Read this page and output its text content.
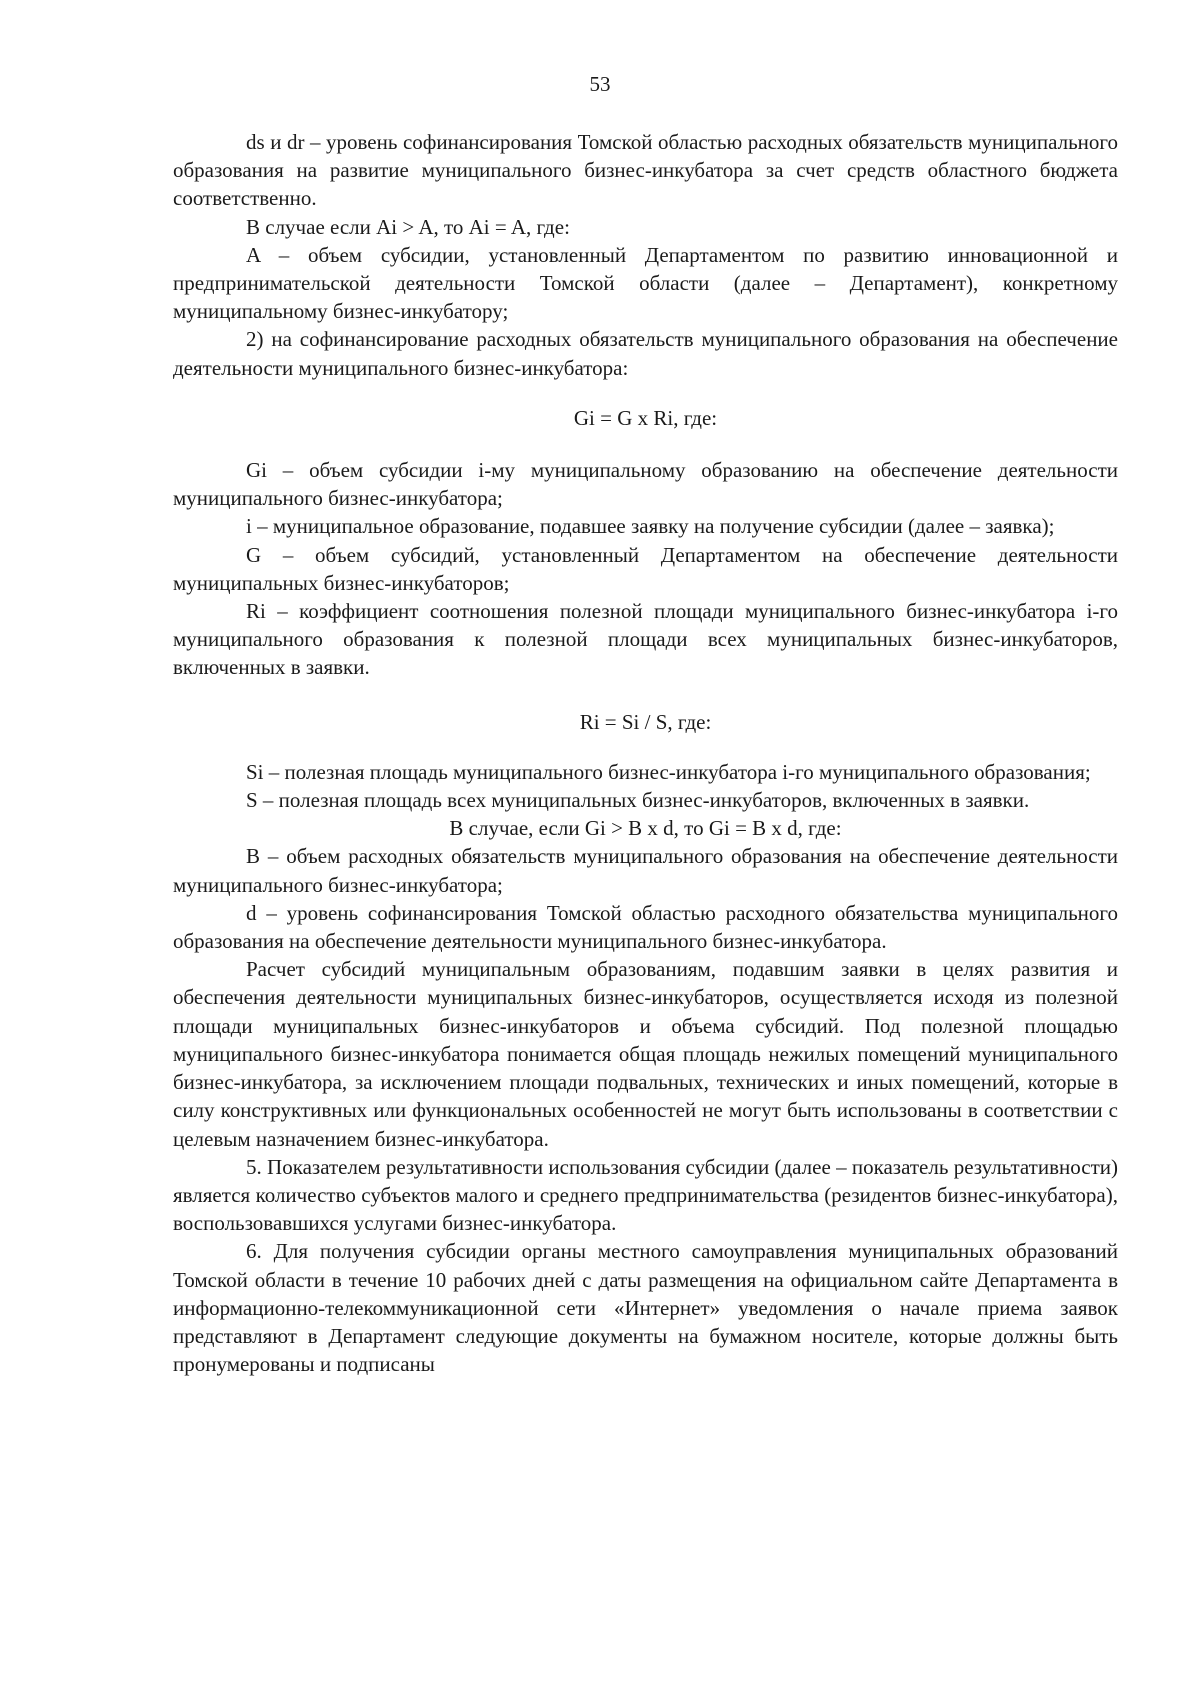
53

ds и dr – уровень софинансирования Томской областью расходных обязательств муниципального образования на развитие муниципального бизнес-инкубатора за счет средств областного бюджета соответственно.

В случае если Ai > A, то Ai = A, где:

A – объем субсидии, установленный Департаментом по развитию инновационной и предпринимательской деятельности Томской области (далее – Департамент), конкретному муниципальному бизнес-инкубатору;

2) на софинансирование расходных обязательств муниципального образования на обеспечение деятельности муниципального бизнес-инкубатора:

Gi = G x Ri, где:

Gi – объем субсидии i-му муниципальному образованию на обеспечение деятельности муниципального бизнес-инкубатора;

i – муниципальное образование, подавшее заявку на получение субсидии (далее – заявка);

G – объем субсидий, установленный Департаментом на обеспечение деятельности муниципальных бизнес-инкубаторов;

Ri – коэффициент соотношения полезной площади муниципального бизнес-инкубатора i-го муниципального образования к полезной площади всех муниципальных бизнес-инкубаторов, включенных в заявки.

Ri = Si / S, где:

Si – полезная площадь муниципального бизнес-инкубатора i-го муниципального образования;

S – полезная площадь всех муниципальных бизнес-инкубаторов, включенных в заявки.

В случае, если Gi > B x d, то Gi = B x d, где:

B – объем расходных обязательств муниципального образования на обеспечение деятельности муниципального бизнес-инкубатора;

d – уровень софинансирования Томской областью расходного обязательства муниципального образования на обеспечение деятельности муниципального бизнес-инкубатора.

Расчет субсидий муниципальным образованиям, подавшим заявки в целях развития и обеспечения деятельности муниципальных бизнес-инкубаторов, осуществляется исходя из полезной площади муниципальных бизнес-инкубаторов и объема субсидий. Под полезной площадью муниципального бизнес-инкубатора понимается общая площадь нежилых помещений муниципального бизнес-инкубатора, за исключением площади подвальных, технических и иных помещений, которые в силу конструктивных или функциональных особенностей не могут быть использованы в соответствии с целевым назначением бизнес-инкубатора.

5. Показателем результативности использования субсидии (далее – показатель результативности) является количество субъектов малого и среднего предпринимательства (резидентов бизнес-инкубатора), воспользовавшихся услугами бизнес-инкубатора.

6. Для получения субсидии органы местного самоуправления муниципальных образований Томской области в течение 10 рабочих дней с даты размещения на официальном сайте Департамента в информационно-телекоммуникационной сети «Интернет» уведомления о начале приема заявок представляют в Департамент следующие документы на бумажном носителе, которые должны быть пронумерованы и подписаны
